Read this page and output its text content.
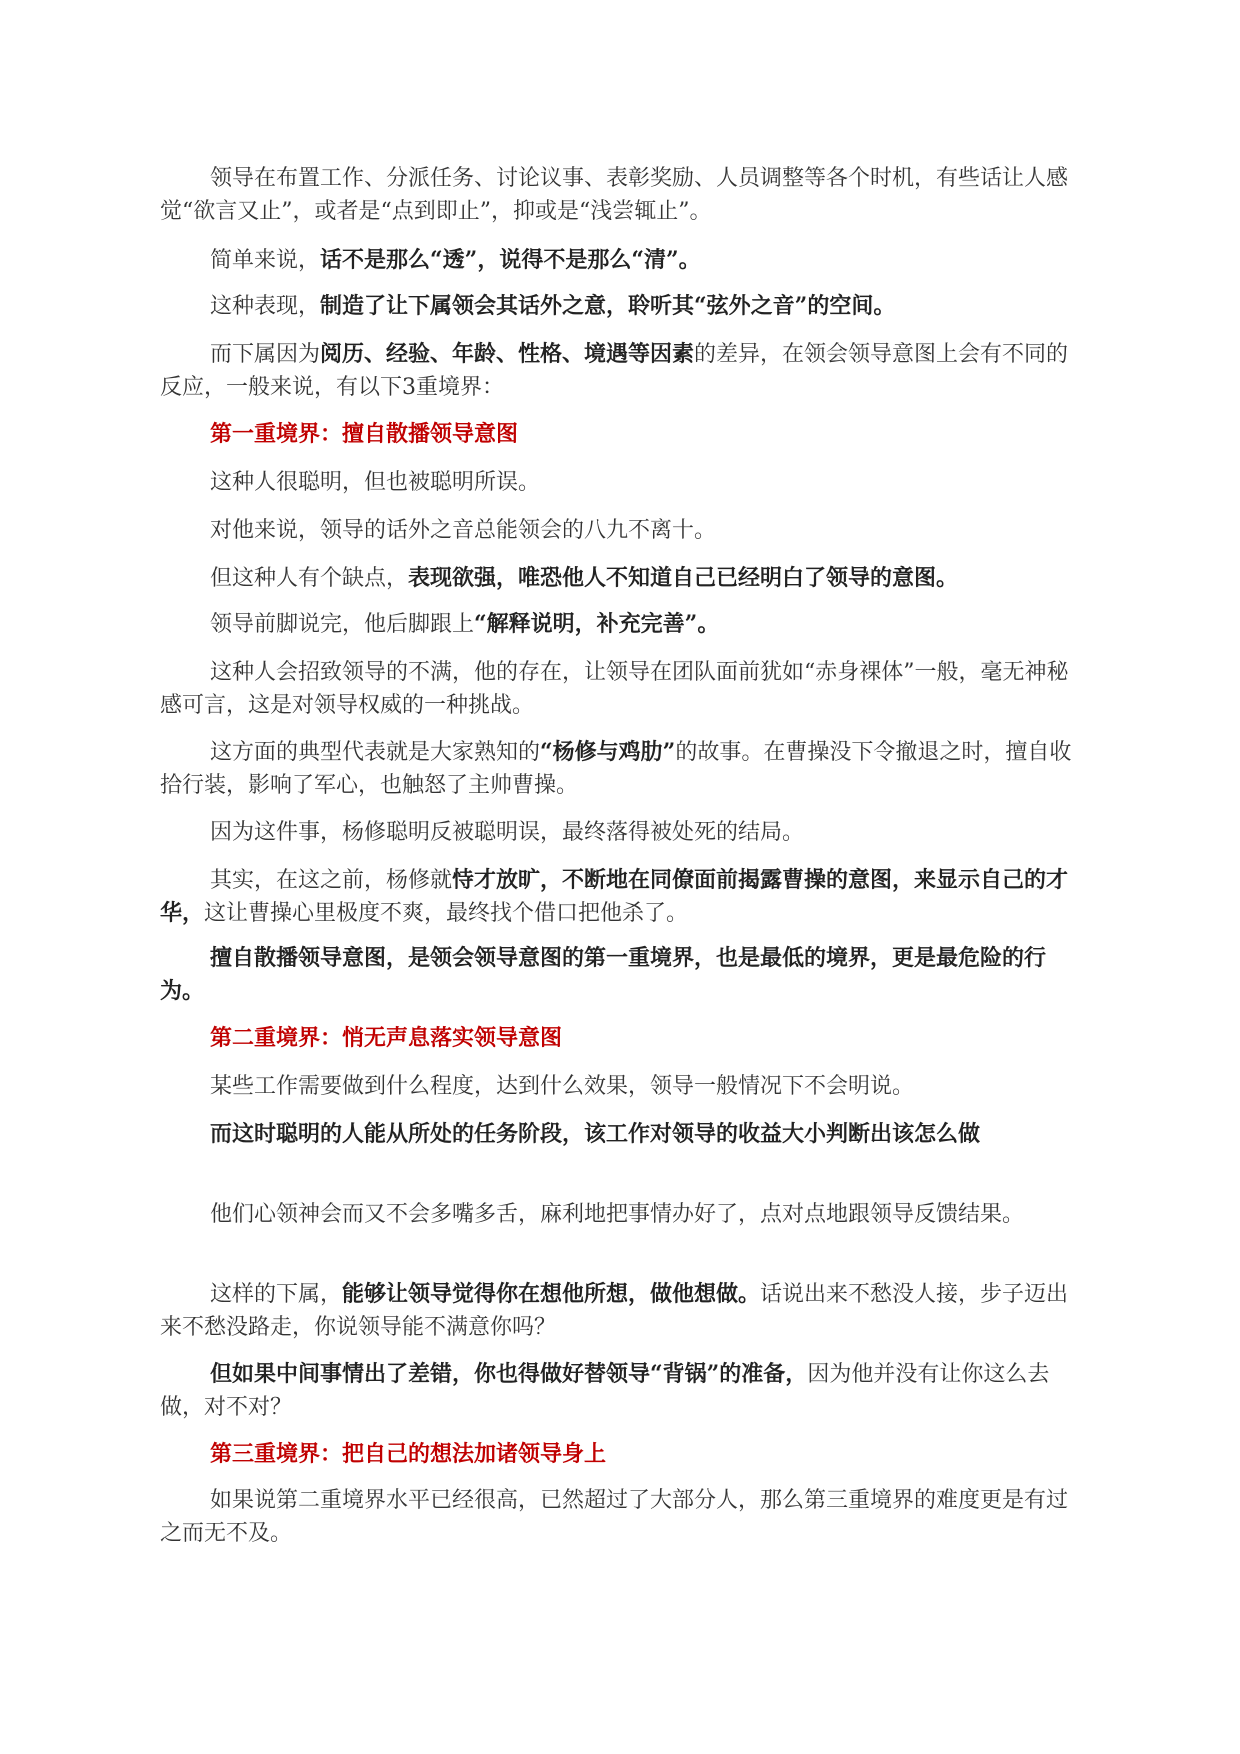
领导在布置工作、分派任务、讨论议事、表彰奖励、人员调整等各个时机，有些话让人感觉“欲言又止”，或者是“点到即止”，抑或是“浅尝辄止”。

简单来说，话不是那么“透”，说得不是那么“清”。

这种表现，制造了让下属领会其话外之意，聆听其“弦外之音”的空间。

而下属因为阅历、经验、年龄、性格、境遇等因素的差异，在领会领导意图上会有不同的反应，一般来说，有以下3重境界：

第一重境界：擅自散播领导意图

这种人很聪明，但也被聪明所误。

对他来说，领导的话外之音总能领会的八九不离十。

但这种人有个缺点，表现欲强，唯恐他人不知道自己已经明白了领导的意图。

领导前脚说完，他后脚跟上“解释说明，补充完善”。

这种人会招致领导的不满，他的存在，让领导在团队面前犹如“赤身裸体”一般，毫无神秘感可言，这是对领导权威的一种挑战。

这方面的典型代表就是大家熟知的“杨修与鸡肋”的故事。在曹操没下令撤退之时，擅自收拾行装，影响了军心，也触怒了主帅曹操。

因为这件事，杨修聪明反被聪明误，最终落得被处死的结局。

其实，在这之前，杨修就恃才放旷，不断地在同僚面前揭露曹操的意图，来显示自己的才华，这让曹操心里极度不爽，最终找个借口把他杀了。

擅自散播领导意图，是领会领导意图的第一重境界，也是最低的境界，更是最危险的行为。

第二重境界：悄无声息落实领导意图

某些工作需要做到什么程度，达到什么效果，领导一般情况下不会明说。

而这时聪明的人能从所处的任务阶段，该工作对领导的收益大小判断出该怎么做

他们心领神会而又不会多嘴多舌，麻利地把事情办好了，点对点地跟领导反馈结果。

这样的下属，能够让领导觉得你在想他所想，做他想做。话说出来不愁没人接，步子迈出来不愁没路走，你说领导能不满意你吗？

但如果中间事情出了差错，你也得做好替领导“背锅”的准备，因为他并没有让你这么去做，对不对？

第三重境界：把自己的想法加诸领导身上

如果说第二重境界水平已经很高，已然超过了大部分人，那么第三重境界的难度更是有过之而无不及。
